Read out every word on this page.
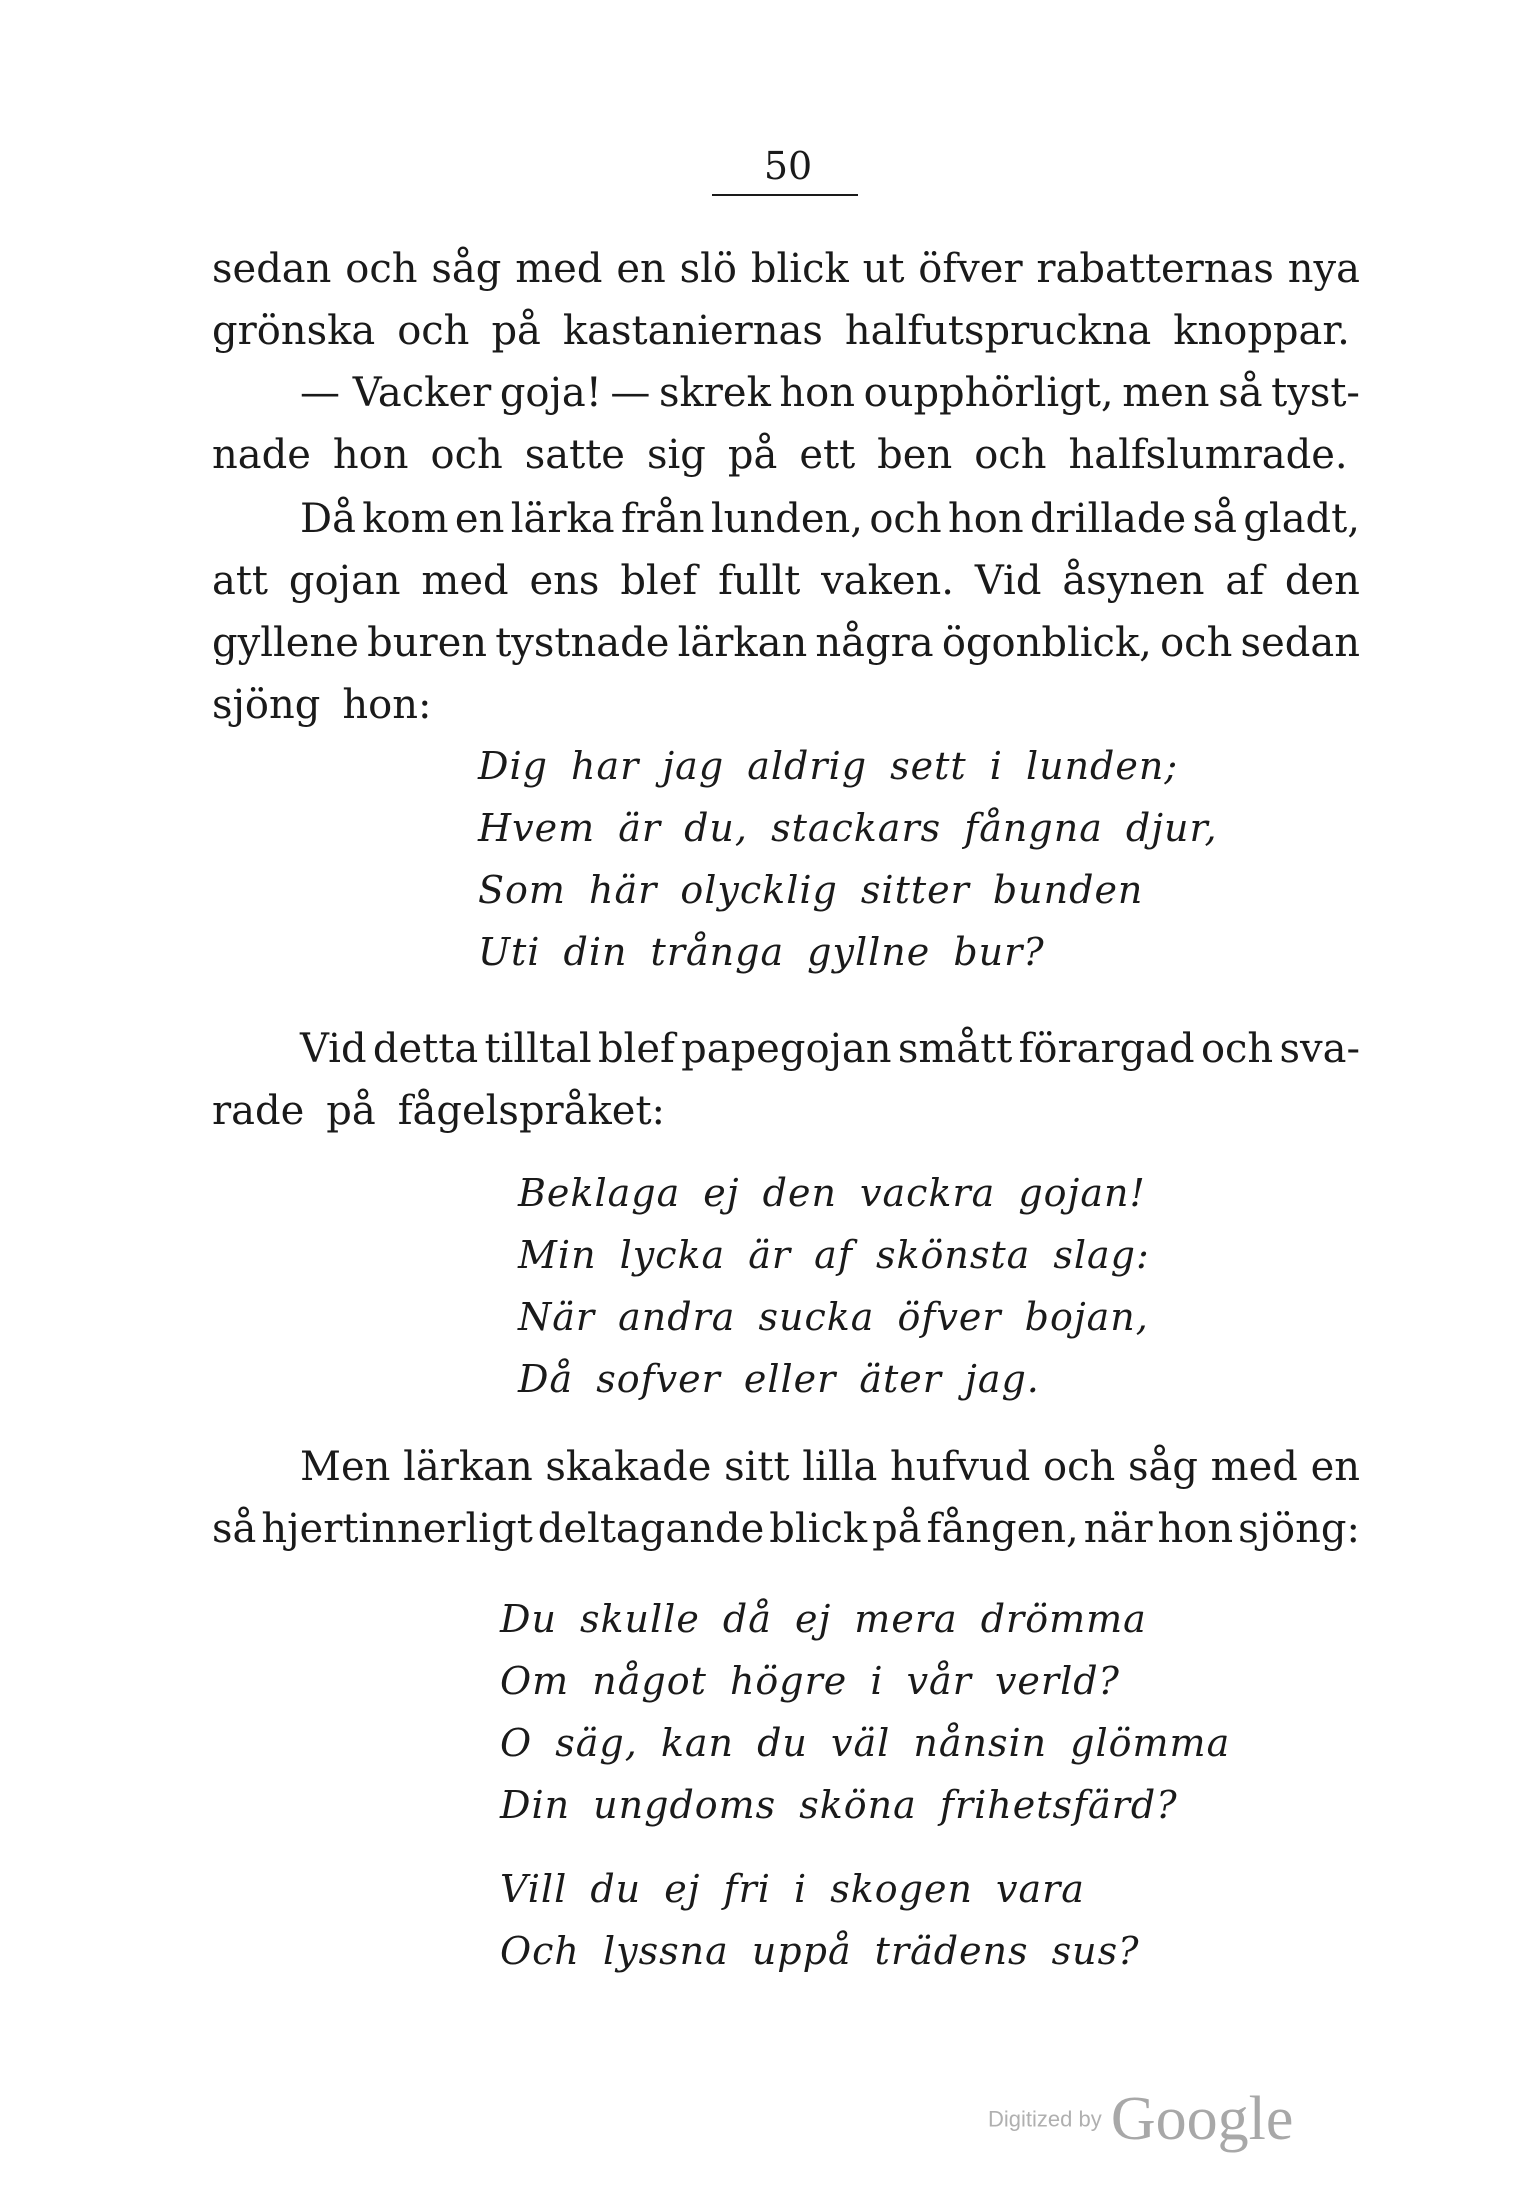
50
sedan och såg med en slö blick ut öfver rabatternas nya
grönska och på kastaniernas halfutspruckna knoppar.
— Vacker goja! — skrek hon oupphörligt, men så tyst-
nade hon och satte sig på ett ben och halfslumrade.
Då kom en lärka från lunden, och hon drillade så gladt,
att gojan med ens blef fullt vaken. Vid åsynen af den
gyllene buren tystnade lärkan några ögonblick, och sedan
sjöng hon:
Dig har jag aldrig sett i lunden;
Hvem är du, stackars fångna djur,
Som här olycklig sitter bunden
Uti din trånga gyllne bur?
Vid detta tilltal blef papegojan smått förargad och sva-
rade på fågelspråket:
Beklaga ej den vackra gojan!
Min lycka är af skönsta slag:
När andra sucka öfver bojan,
Då sofver eller äter jag.
Men lärkan skakade sitt lilla hufvud och såg med en
så hjertinnerligt deltagande blick på fången, när hon sjöng:
Du skulle då ej mera drömma
Om något högre i vår verld?
O säg, kan du väl nånsin glömma
Din ungdoms sköna frihetsfärd?
Vill du ej fri i skogen vara
Och lyssna uppå trädens sus?
Digitized by Google
